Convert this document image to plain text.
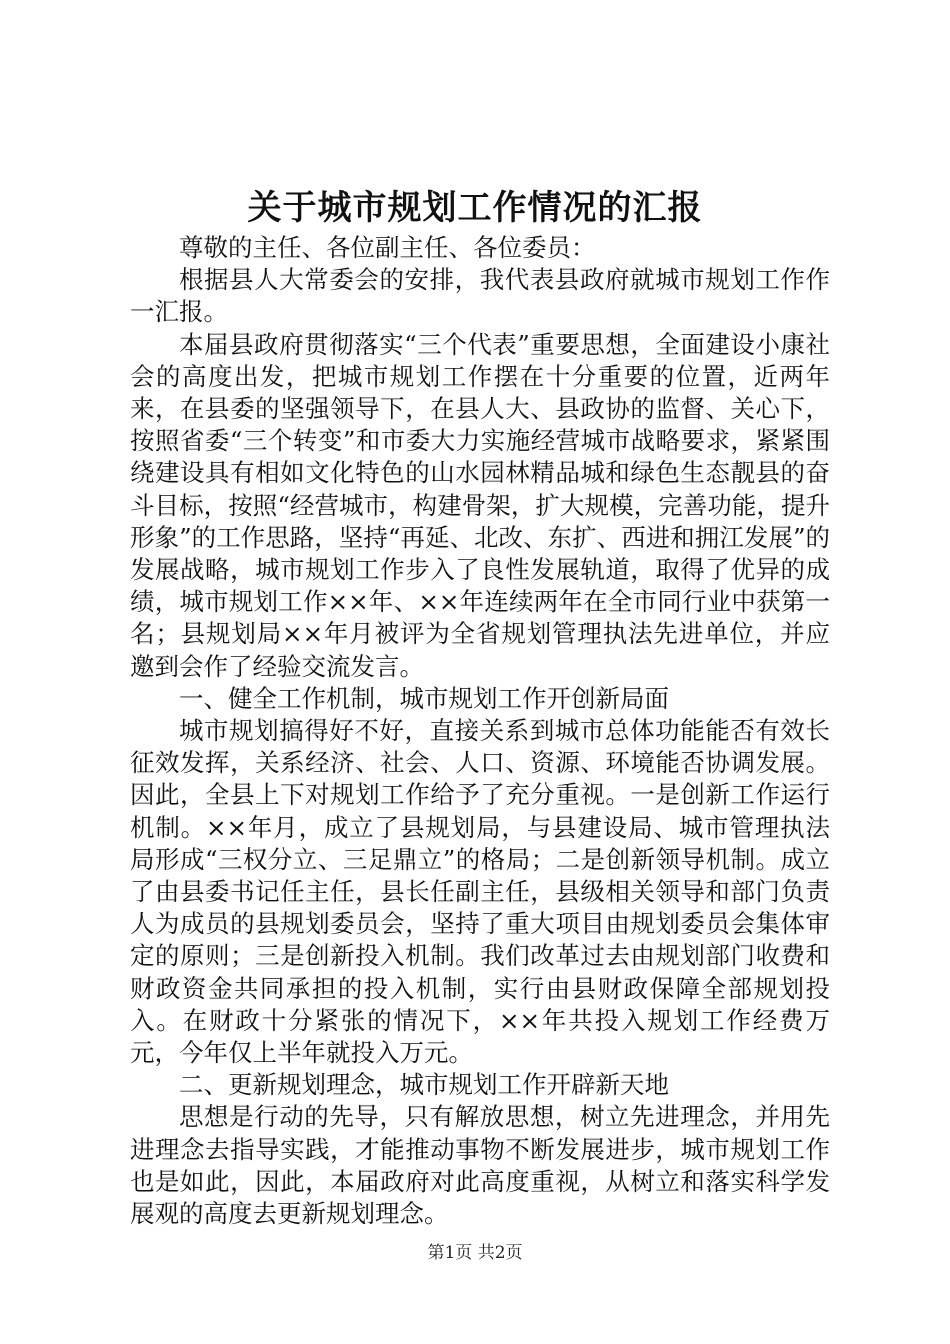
关于城市规划工作情况的汇报

尊敬的主任、各位副主任、各位委员：

根据县人大常委会的安排，我代表县政府就城市规划工作作一汇报。

本届县政府贯彻落实“三个代表”重要思想，全面建设小康社会的高度出发，把城市规划工作摆在十分重要的位置，近两年来，在县委的坚强领导下，在县人大、县政协的监督、关心下，按照省委“三个转变”和市委大力实施经营城市战略要求，紧紧围绕建设具有相如文化特色的山水园林精品城和绿色生态靓县的奋斗目标，按照“经营城市，构建骨架，扩大规模，完善功能，提升形象”的工作思路，坚持“再延、北改、东扩、西进和拥江发展”的发展战略，城市规划工作步入了良性发展轨道，取得了优异的成绩，城市规划工作××年、××年连续两年在全市同行业中获第一名；县规划局××年月被评为全省规划管理执法先进单位，并应邀到会作了经验交流发言。

一、健全工作机制，城市规划工作开创新局面

城市规划搞得好不好，直接关系到城市总体功能能否有效长征效发挥，关系经济、社会、人口、资源、环境能否协调发展。因此，全县上下对规划工作给予了充分重视。一是创新工作运行机制。××年月，成立了县规划局，与县建设局、城市管理执法局形成“三权分立、三足鼎立”的格局；二是创新领导机制。成立了由县委书记任主任，县长任副主任，县级相关领导和部门负责人为成员的县规划委员会，坚持了重大项目由规划委员会集体审定的原则；三是创新投入机制。我们改革过去由规划部门收费和财政资金共同承担的投入机制，实行由县财政保障全部规划投入。在财政十分紧张的情况下，××年共投入规划工作经费万元，今年仅上半年就投入万元。

二、更新规划理念，城市规划工作开辟新天地

思想是行动的先导，只有解放思想，树立先进理念，并用先进理念去指导实践，才能推动事物不断发展进步，城市规划工作也是如此，因此，本届政府对此高度重视，从树立和落实科学发展观的高度去更新规划理念。

第1页 共2页
